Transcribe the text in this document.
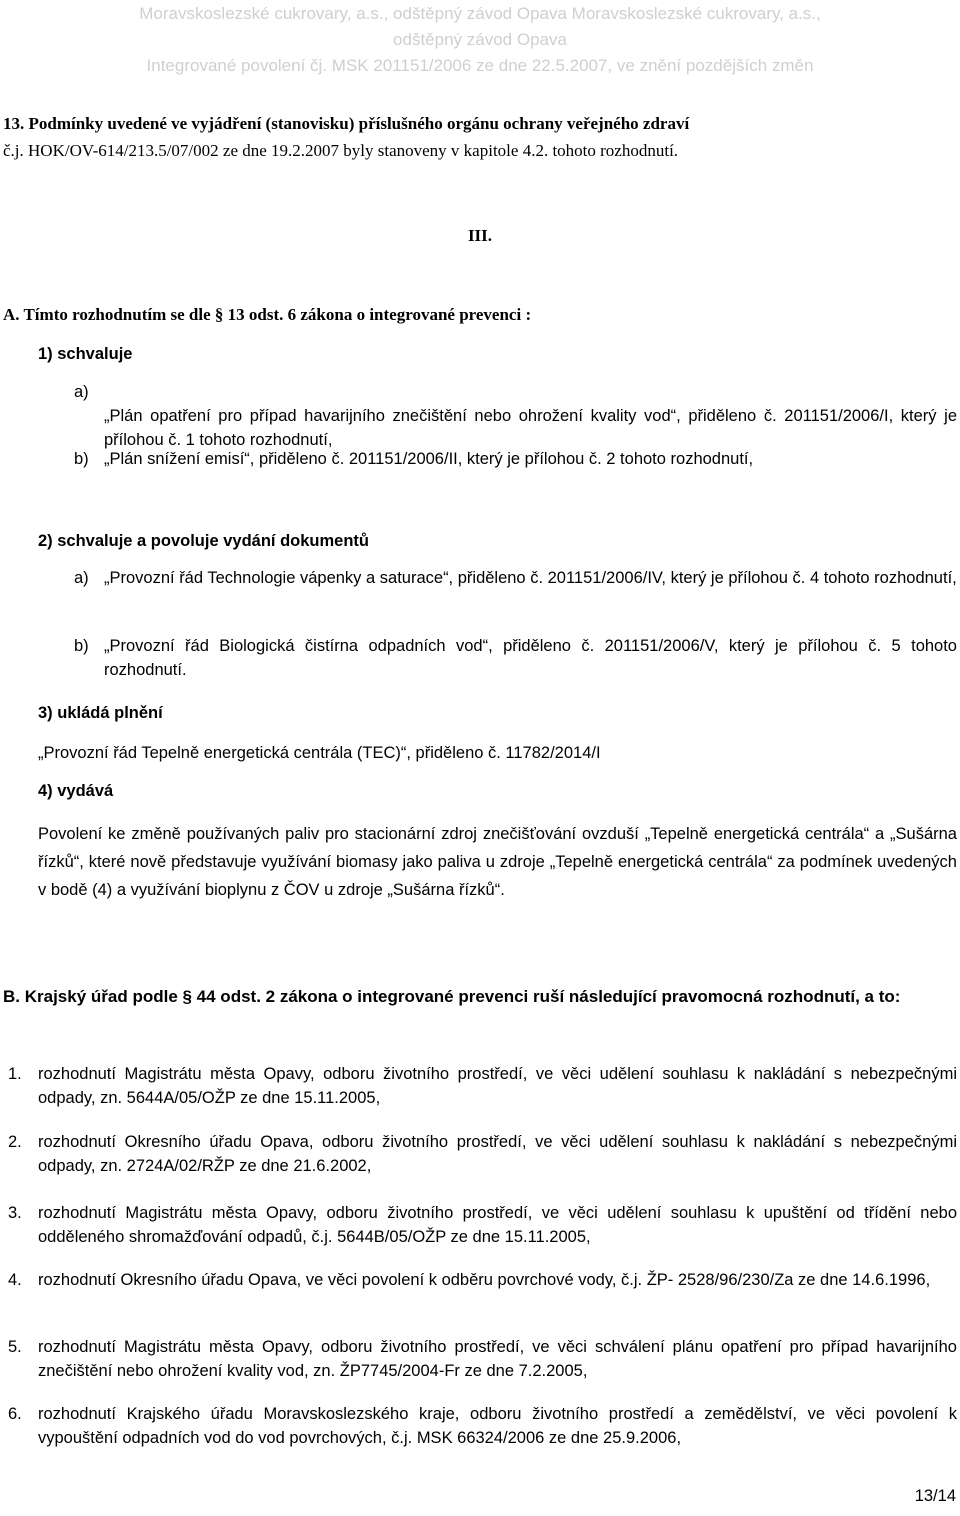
Moravskoslezské cukrovary, a.s., odštěpný závod Opava Moravskoslezské cukrovary, a.s.,
odštěpný závod Opava
Integrované povolení čj. MSK 201151/2006 ze dne 22.5.2007, ve znění pozdějších změn
13. Podmínky uvedené ve vyjádření (stanovisku) příslušného orgánu ochrany veřejného zdraví
č.j. HOK/OV-614/213.5/07/002 ze dne 19.2.2007 byly stanoveny v kapitole 4.2. tohoto rozhodnutí.
III.
A. Tímto rozhodnutím se dle § 13 odst. 6 zákona o integrované prevenci :
1) schvaluje
a)
„Plán opatření pro případ havarijního znečištění nebo ohrožení kvality vod“, přiděleno č. 201151/2006/I, který je přílohou č. 1 tohoto rozhodnutí,
b) „Plán snížení emisí“, přiděleno č. 201151/2006/II, který je přílohou č. 2 tohoto rozhodnutí,
2) schvaluje a povoluje vydání dokumentů
a) „Provozní řád Technologie vápenky a saturace“, přiděleno č. 201151/2006/IV, který je přílohou č. 4 tohoto rozhodnutí,
b) „Provozní řád Biologická čistírna odpadních vod“, přiděleno č. 201151/2006/V, který je přílohou č. 5 tohoto rozhodnutí.
3) ukládá plnění
„Provozní řád Tepelně energetická centrála (TEC)“, přiděleno č. 11782/2014/I
4) vydává
Povolení ke změně používaných paliv pro stacionární zdroj znečišťování ovzduší „Tepelně energetická centrála“ a „Sušárna řízků“, které nově představuje využívání biomasy jako paliva u zdroje „Tepelně energetická centrála“ za podmínek uvedených v bodě (4) a využívání bioplynu z ČOV u zdroje „Sušárna řízků“.
B. Krajský úřad podle § 44 odst. 2 zákona o integrované prevenci ruší následující pravomocná rozhodnutí, a to:
1. rozhodnutí Magistrátu města Opavy, odboru životního prostředí, ve věci udělení souhlasu k nakládání s nebezpečnými odpady, zn. 5644A/05/OŽP ze dne 15.11.2005,
2. rozhodnutí Okresního úřadu Opava, odboru životního prostředí, ve věci udělení souhlasu k nakládání s nebezpečnými odpady, zn. 2724A/02/RŽP ze dne 21.6.2002,
3. rozhodnutí Magistrátu města Opavy, odboru životního prostředí, ve věci udělení souhlasu k upuštění od třídění nebo odděleného shromažďování odpadů, č.j. 5644B/05/OŽP ze dne 15.11.2005,
4. rozhodnutí Okresního úřadu Opava, ve věci povolení k odběru povrchové vody, č.j. ŽP- 2528/96/230/Za ze dne 14.6.1996,
5. rozhodnutí Magistrátu města Opavy, odboru životního prostředí, ve věci schválení plánu opatření pro případ havarijního znečištění nebo ohrožení kvality vod, zn. ŽP7745/2004-Fr ze dne 7.2.2005,
6. rozhodnutí Krajského úřadu Moravskoslezského kraje, odboru životního prostředí a zemědělství, ve věci povolení k vypouštění odpadních vod do vod povrchových, č.j. MSK 66324/2006 ze dne 25.9.2006,
13/14
